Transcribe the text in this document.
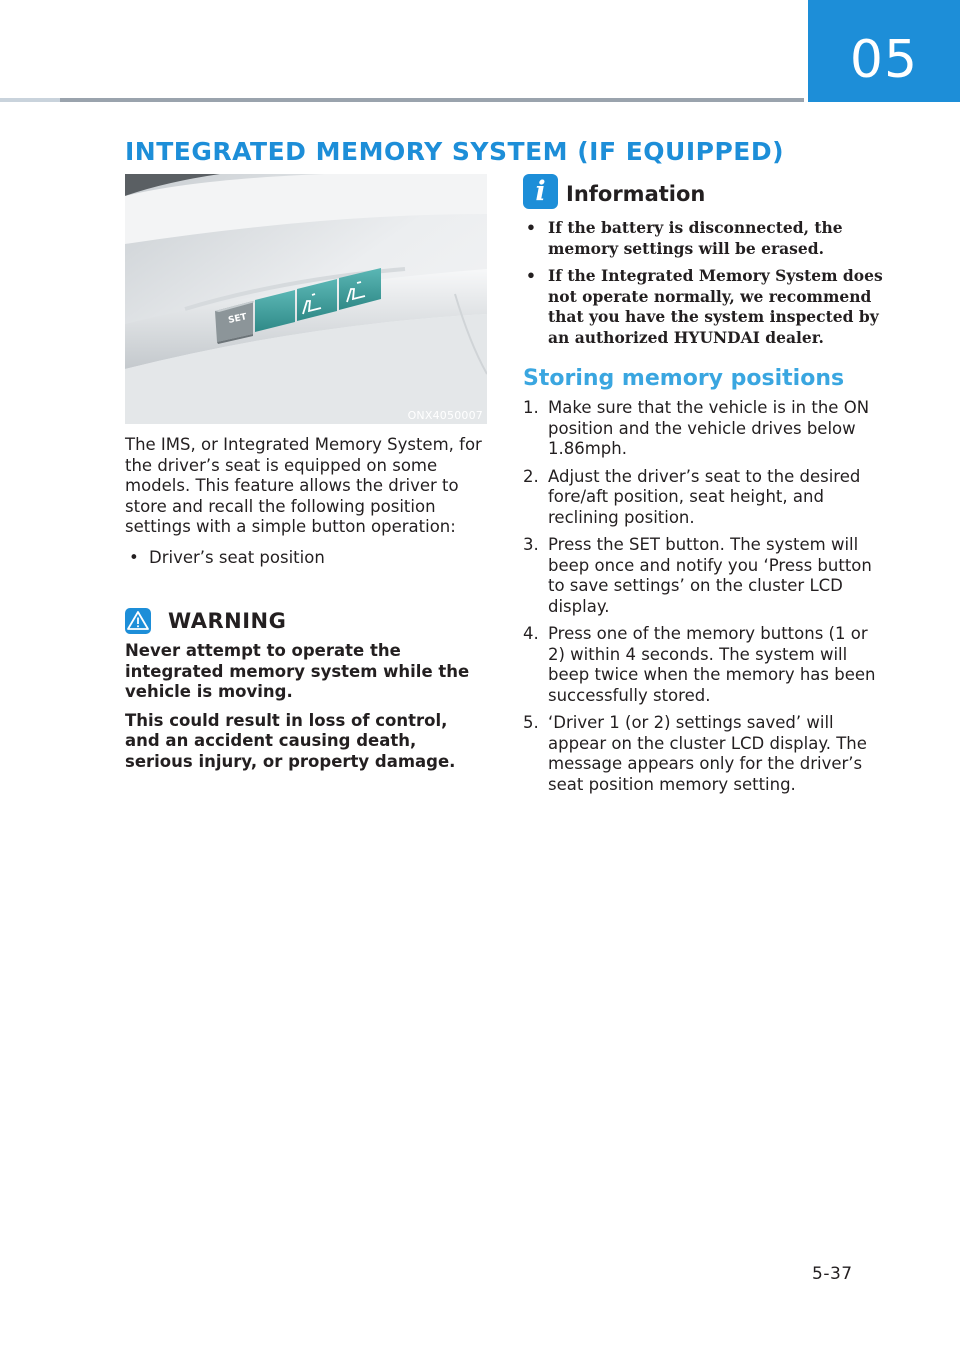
05
INTEGRATED MEMORY SYSTEM (IF EQUIPPED)
SET
ONX4050007

The IMS, or Integrated Memory System, for the driver’s seat is equipped on some models. This feature allows the driver to store and recall the following position settings with a simple button operation:

• Driver’s seat position
WARNING

Never attempt to operate the integrated memory system while the vehicle is moving.

This could result in loss of control, and an accident causing death, serious injury, or property damage.

i Information
• If the battery is disconnected, the memory settings will be erased.
• If the Integrated Memory System does not operate normally, we recommend that you have the system inspected by an authorized HYUNDAI dealer.
Storing memory positions
1. Make sure that the vehicle is in the ON position and the vehicle drives below 1.86mph.
2. Adjust the driver’s seat to the desired fore/aft position, seat height, and reclining position.
3. Press the SET button. The system will beep once and notify you ‘Press button to save settings’ on the cluster LCD display.
4. Press one of the memory buttons (1 or 2) within 4 seconds. The system will beep twice when the memory has been successfully stored.
5. ‘Driver 1 (or 2) settings saved’ will appear on the cluster LCD display. The message appears only for the driver’s seat position memory setting.
5-37
